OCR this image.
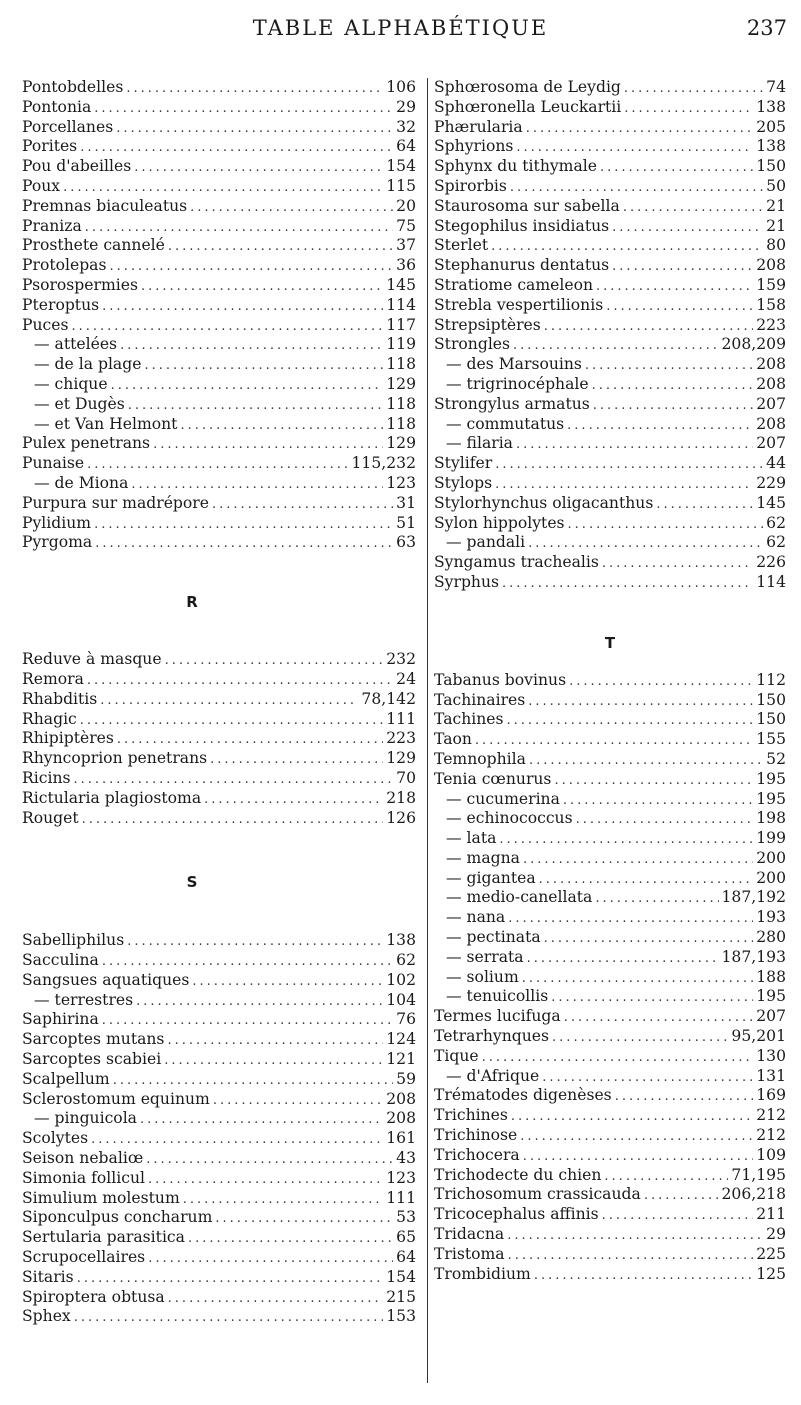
TABLE ALPHABÉTIQUE	237
Pontobdelles .....	106
Pontonia .....	29
Porcellanes .....	32
Porites .....	64
Pou d'abeilles .....	154
Poux .....	115
Premnas biaculeatus .....	20
Praniza .....	75
Prosthete cannelé .....	37
Protolepas .....	36
Psorospermies .....	145
Pteroptus .....	114
Puces .....	117
— attelées .....	119
— de la plage .....	118
— chique .....	129
— et Dugès .....	118
— et Van Helmont .....	118
Pulex penetrans .....	129
Punaise .....	115,232
— de Miona .....	123
Purpura sur madrépore .....	31
Pylidium .....	51
Pyrgoma .....	63
R
Reduve à masque .....	232
Remora .....	24
Rhabditis .....	78,142
Rhagic .....	111
Rhipiptères .....	223
Rhyncoprion penetrans .....	129
Ricins .....	70
Rictularia plagiostoma .....	218
Rouget .....	126
S
Sabelliphilus .....	138
Sacculina .....	62
Sangsues aquatiques .....	102
— terrestres .....	104
Saphirina .....	76
Sarcoptes mutans .....	124
Sarcoptes scabiei .....	121
Scalpellum .....	59
Sclerostomum equinum .....	208
— pinguicola .....	208
Scolytes .....	161
Seison nebaliœ .....	43
Simonia follicul .....	123
Simulium molestum .....	111
Siponculpus concharum .....	53
Sertularia parasitica .....	65
Scrupocellaires .....	64
Sitaris .....	154
Spiroptera obtusa .....	215
Sphex .....	153
Sphœrosoma de Leydig .....	74
Sphœronella Leuckartii .....	138
Phærularia .....	205
Sphyrions .....	138
Sphynx du tithymale .....	150
Spirorbis .....	50
Staurosoma sur sabella .....	21
Stegophilus insidiatus .....	21
Sterlet .....	80
Stephanurus dentatus .....	208
Stratiome cameleon .....	159
Strebla vespertilionis .....	158
Strepsiptères .....	223
Strongles .....	208,209
— des Marsouins .....	208
— trigrinocéphale .....	208
Strongylus armatus .....	207
— commutatus .....	208
— filaria .....	207
Stylifer .....	44
Stylops .....	229
Stylorhynchus oligacanthus .....	145
Sylon hippolytes .....	62
— pandali .....	62
Syngamus trachealis .....	226
Syrphus .....	114
T
Tabanus bovinus .....	112
Tachinaires .....	150
Tachines .....	150
Taon .....	155
Temnophila .....	52
Tenia cœnurus .....	195
— cucumerina .....	195
— echinococcus .....	198
— lata .....	199
— magna .....	200
— gigantea .....	200
— medio-canellata .....	187,192
— nana .....	193
— pectinata .....	280
— serrata .....	187,193
— solium .....	188
— tenuicollis .....	195
Termes lucifuga .....	207
Tetrarhynques .....	95,201
Tique .....	130
— d'Afrique .....	131
Trématodes digenèses .....	169
Trichines .....	212
Trichinose .....	212
Trichocera .....	109
Trichodecte du chien .....	71,195
Trichosomum crassicauda .....	206,218
Tricocephalus affinis .....	211
Tridacna .....	29
Tristoma .....	225
Trombidium .....	125
